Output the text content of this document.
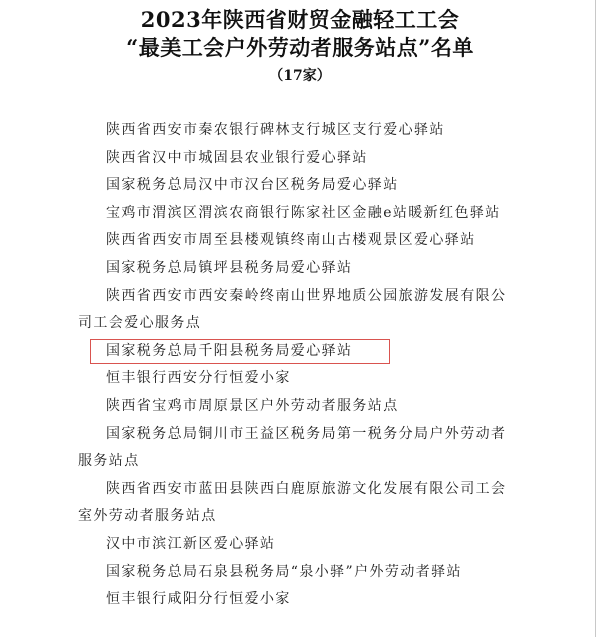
2023年陕西省财贸金融轻工工会
“最美工会户外劳动者服务站点”名单
（17家）
陕西省西安市秦农银行碑林支行城区支行爱心驿站
陕西省汉中市城固县农业银行爱心驿站
国家税务总局汉中市汉台区税务局爱心驿站
宝鸡市渭滨区渭滨农商银行陈家社区金融e站暖新红色驿站
陕西省西安市周至县楼观镇终南山古楼观景区爱心驿站
国家税务总局镇坪县税务局爱心驿站
陕西省西安市西安秦岭终南山世界地质公园旅游发展有限公司工会爱心服务点
国家税务总局千阳县税务局爱心驿站
恒丰银行西安分行恒爱小家
陕西省宝鸡市周原景区户外劳动者服务站点
国家税务总局铜川市王益区税务局第一税务分局户外劳动者服务站点
陕西省西安市蓝田县陕西白鹿原旅游文化发展有限公司工会室外劳动者服务站点
汉中市滨江新区爱心驿站
国家税务总局石泉县税务局“泉小驿”户外劳动者驿站
恒丰银行咸阳分行恒爱小家
